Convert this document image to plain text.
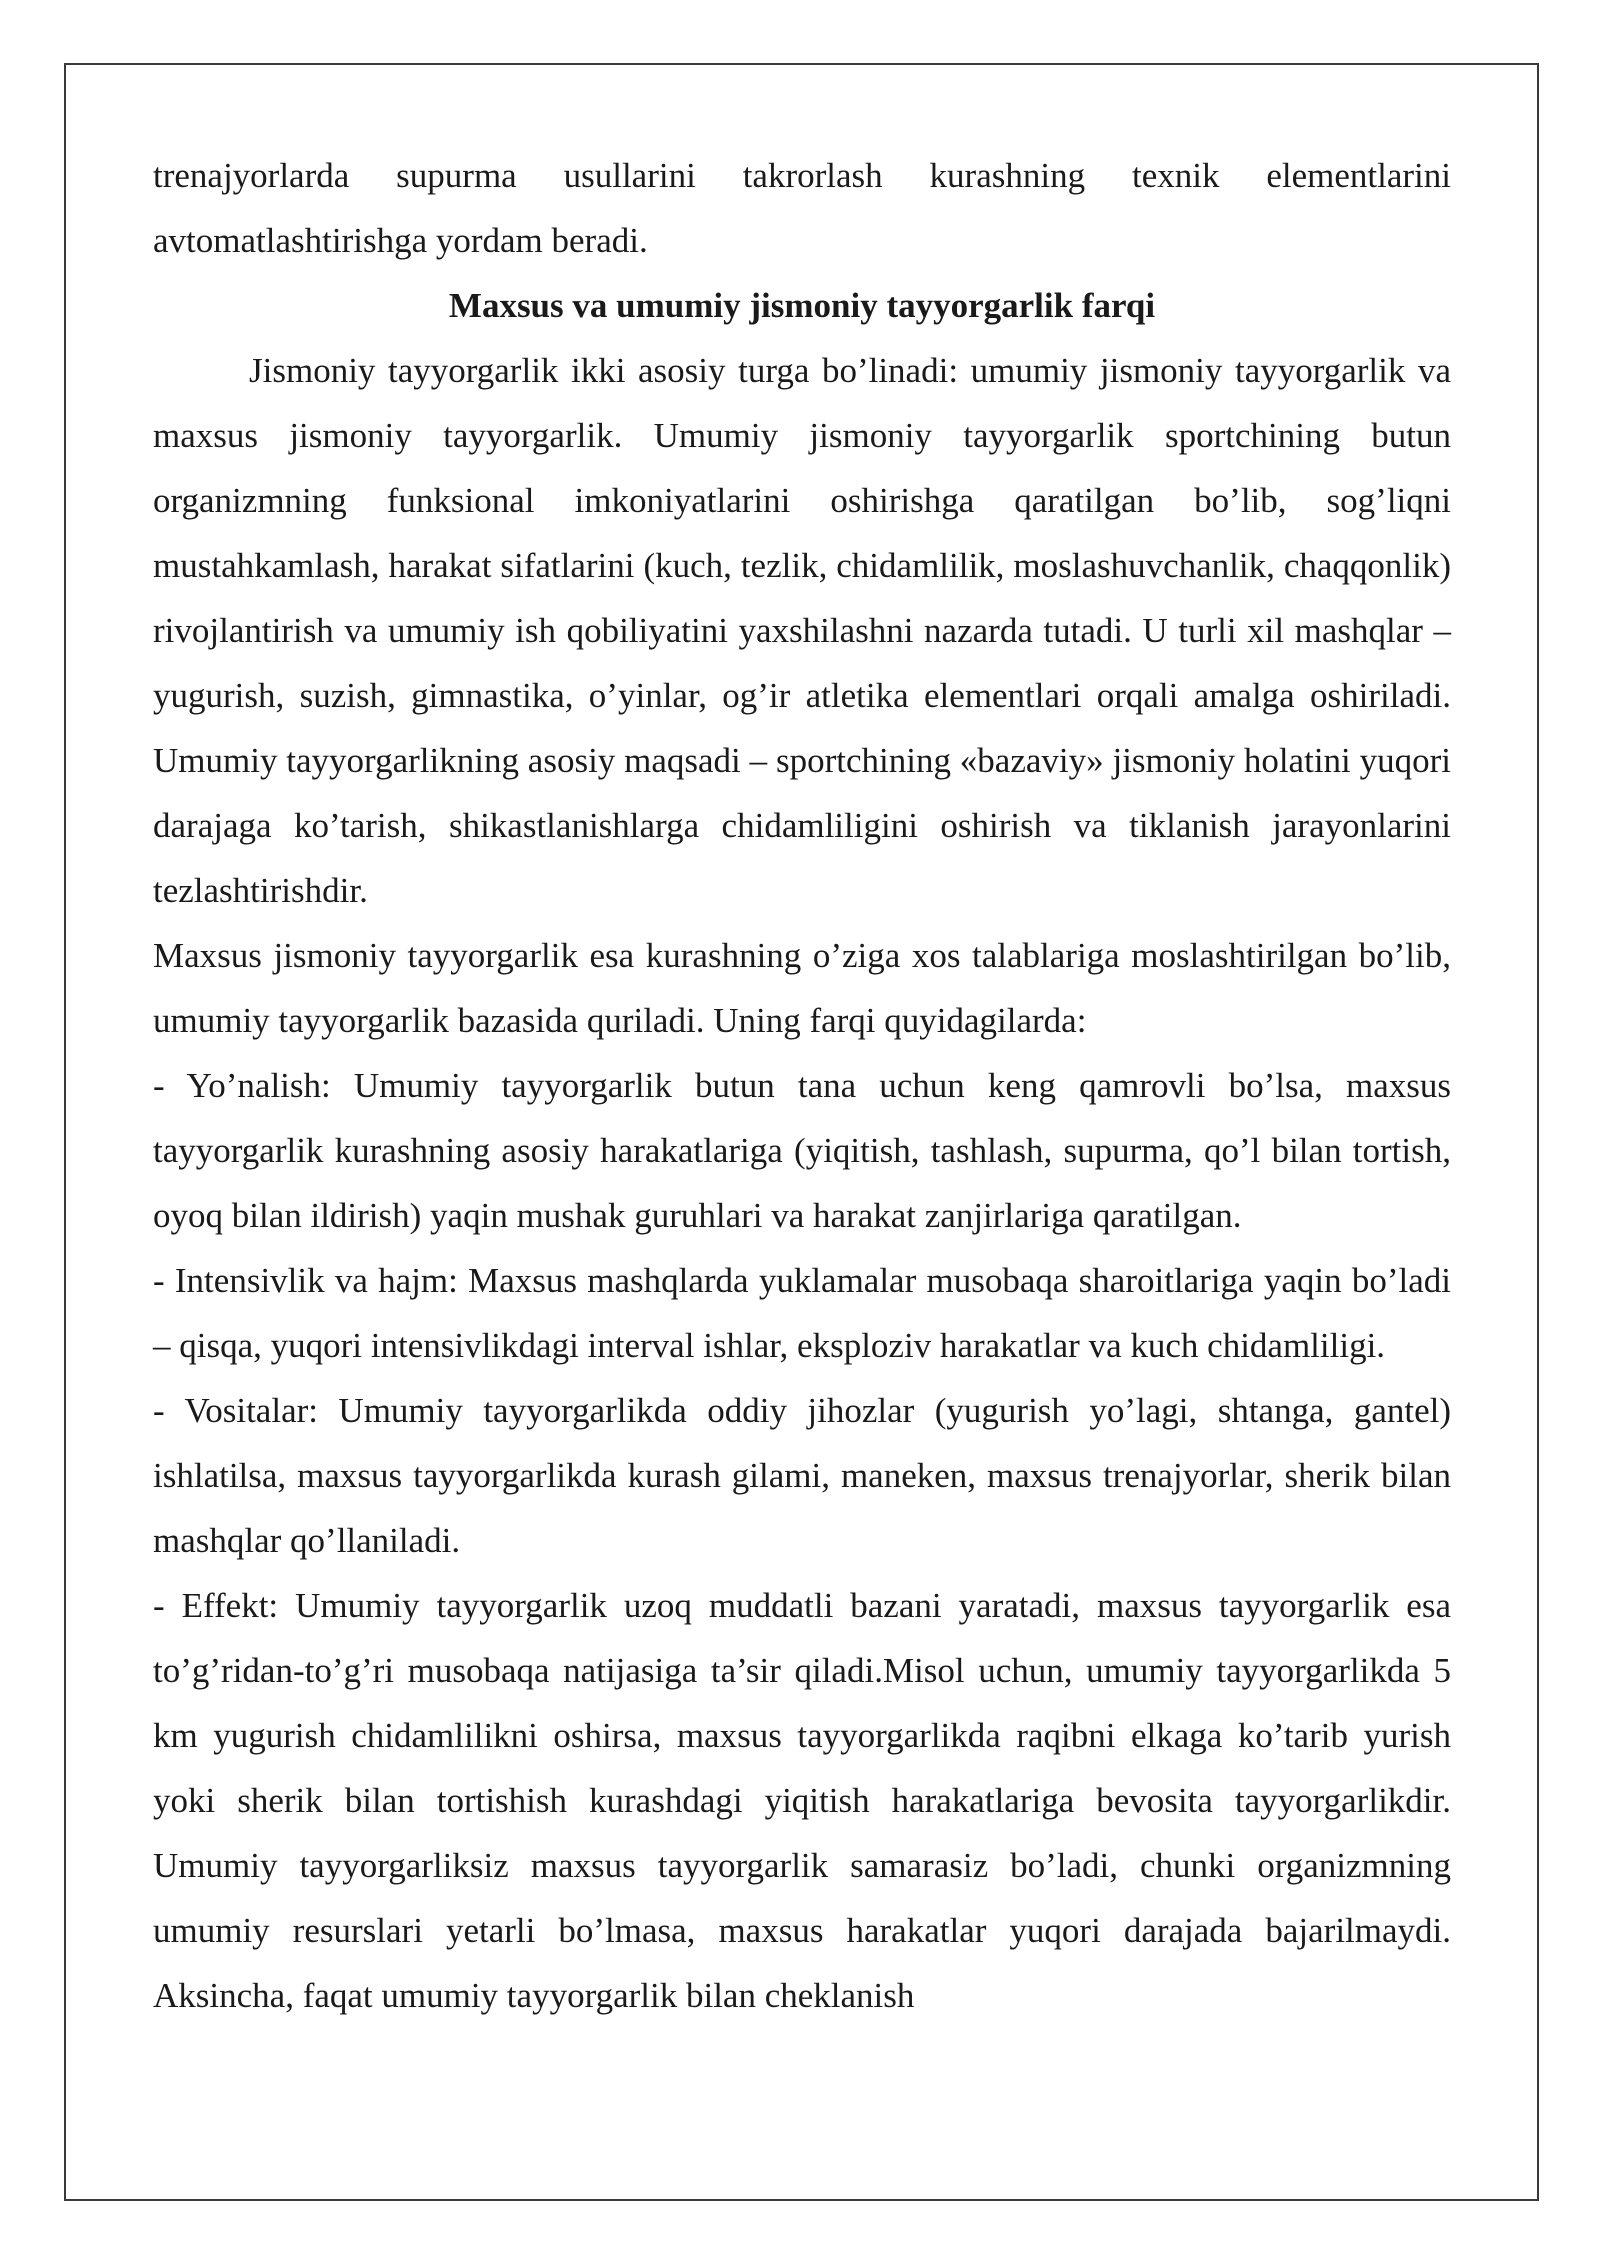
trenajyorlarda supurma usullarini takrorlash kurashning texnik elementlarini avtomatlashtirishga yordam beradi.

Maxsus va umumiy jismoniy tayyorgarlik farqi

Jismoniy tayyorgarlik ikki asosiy turga bo’linadi: umumiy jismoniy tayyorgarlik va maxsus jismoniy tayyorgarlik. Umumiy jismoniy tayyorgarlik sportchining butun organizmning funksional imkoniyatlarini oshirishga qaratilgan bo’lib, sog’liqni mustahkamlash, harakat sifatlarini (kuch, tezlik, chidamlilik, moslashuvchanlik, chaqqonlik) rivojlantirish va umumiy ish qobiliyatini yaxshilashni nazarda tutadi. U turli xil mashqlar – yugurish, suzish, gimnastika, o’yinlar, og’ir atletika elementlari orqali amalga oshiriladi. Umumiy tayyorgarlikning asosiy maqsadi – sportchining «bazaviy» jismoniy holatini yuqori darajaga ko’tarish, shikastlanishlarga chidamliligini oshirish va tiklanish jarayonlarini tezlashtirishdir.

Maxsus jismoniy tayyorgarlik esa kurashning o’ziga xos talablariga moslashtirilgan bo’lib, umumiy tayyorgarlik bazasida quriladi. Uning farqi quyidagilarda:

- Yo’nalish: Umumiy tayyorgarlik butun tana uchun keng qamrovli bo’lsa, maxsus tayyorgarlik kurashning asosiy harakatlariga (yiqitish, tashlash, supurma, qo’l bilan tortish, oyoq bilan ildirish) yaqin mushak guruhlari va harakat zanjirlariga qaratilgan.

- Intensivlik va hajm: Maxsus mashqlarda yuklamalar musobaqa sharoitlariga yaqin bo’ladi – qisqa, yuqori intensivlikdagi interval ishlar, eksploziv harakatlar va kuch chidamliligi.

- Vositalar: Umumiy tayyorgarlikda oddiy jihozlar (yugurish yo’lagi, shtanga, gantel) ishlatilsa, maxsus tayyorgarlikda kurash gilami, maneken, maxsus trenajyorlar, sherik bilan mashqlar qo’llaniladi.

- Effekt: Umumiy tayyorgarlik uzoq muddatli bazani yaratadi, maxsus tayyorgarlik esa to’g’ridan-to’g’ri musobaqa natijasiga ta’sir qiladi.Misol uchun, umumiy tayyorgarlikda 5 km yugurish chidamlilikni oshirsa, maxsus tayyorgarlikda raqibni elkaga ko’tarib yurish yoki sherik bilan tortishish kurashdagi yiqitish harakatlariga bevosita tayyorgarlikdir. Umumiy tayyorgarliksiz maxsus tayyorgarlik samarasiz bo’ladi, chunki organizmning umumiy resurslari yetarli bo’lmasa, maxsus harakatlar yuqori darajada bajarilmaydi. Aksincha, faqat umumiy tayyorgarlik bilan cheklanish
